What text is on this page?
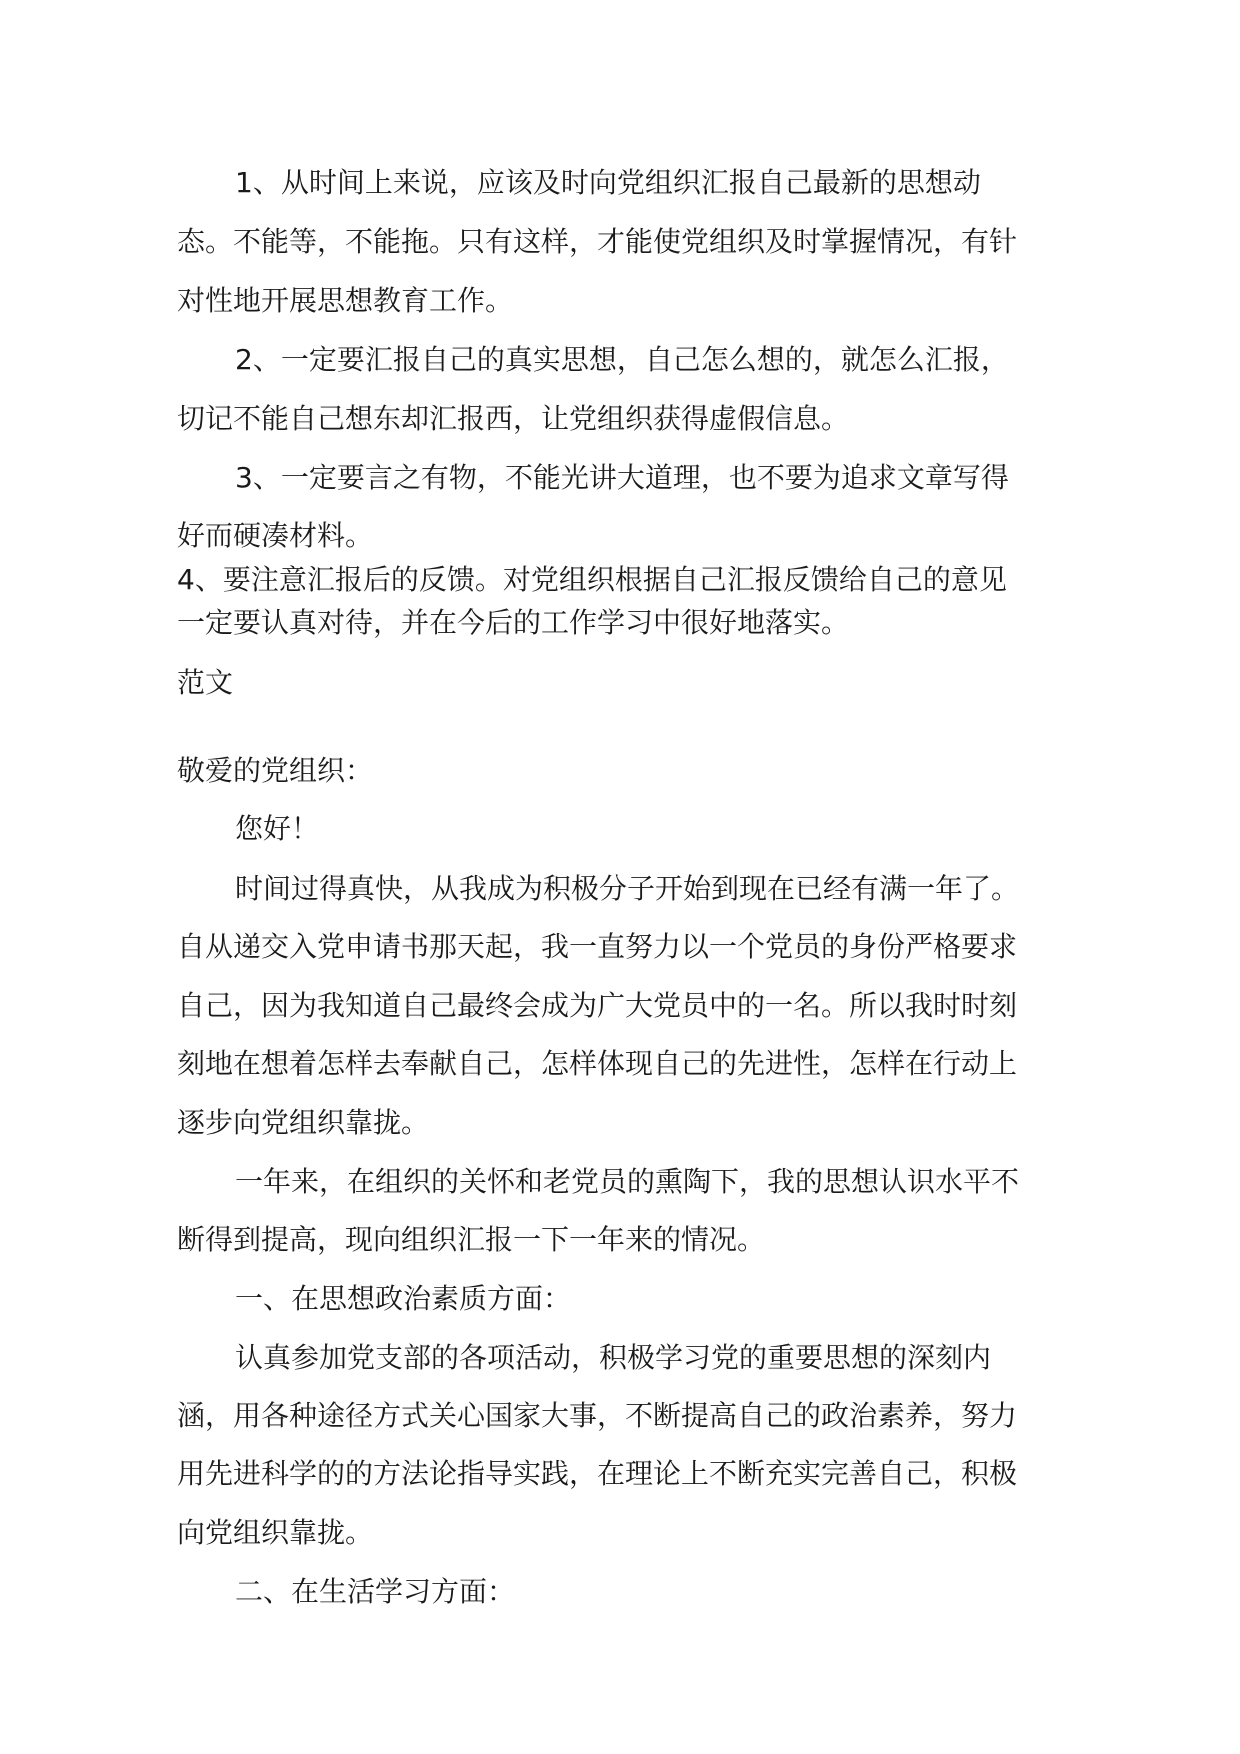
1、从时间上来说，应该及时向党组织汇报自己最新的思想动
态。不能等，不能拖。只有这样，才能使党组织及时掌握情况，有针
对性地开展思想教育工作。
2、一定要汇报自己的真实思想，自己怎么想的，就怎么汇报，
切记不能自己想东却汇报西，让党组织获得虚假信息。
3、一定要言之有物，不能光讲大道理，也不要为追求文章写得
好而硬凑材料。
4、要注意汇报后的反馈。对党组织根据自己汇报反馈给自己的意见
一定要认真对待，并在今后的工作学习中很好地落实。
范文
敬爱的党组织：
您好！
时间过得真快，从我成为积极分子开始到现在已经有满一年了。
自从递交入党申请书那天起，我一直努力以一个党员的身份严格要求
自己，因为我知道自己最终会成为广大党员中的一名。所以我时时刻
刻地在想着怎样去奉献自己，怎样体现自己的先进性，怎样在行动上
逐步向党组织靠拢。
一年来，在组织的关怀和老党员的熏陶下，我的思想认识水平不
断得到提高，现向组织汇报一下一年来的情况。
一、在思想政治素质方面：
认真参加党支部的各项活动，积极学习党的重要思想的深刻内
涵，用各种途径方式关心国家大事，不断提高自己的政治素养，努力
用先进科学的的方法论指导实践，在理论上不断充实完善自己，积极
向党组织靠拢。
二、在生活学习方面：
